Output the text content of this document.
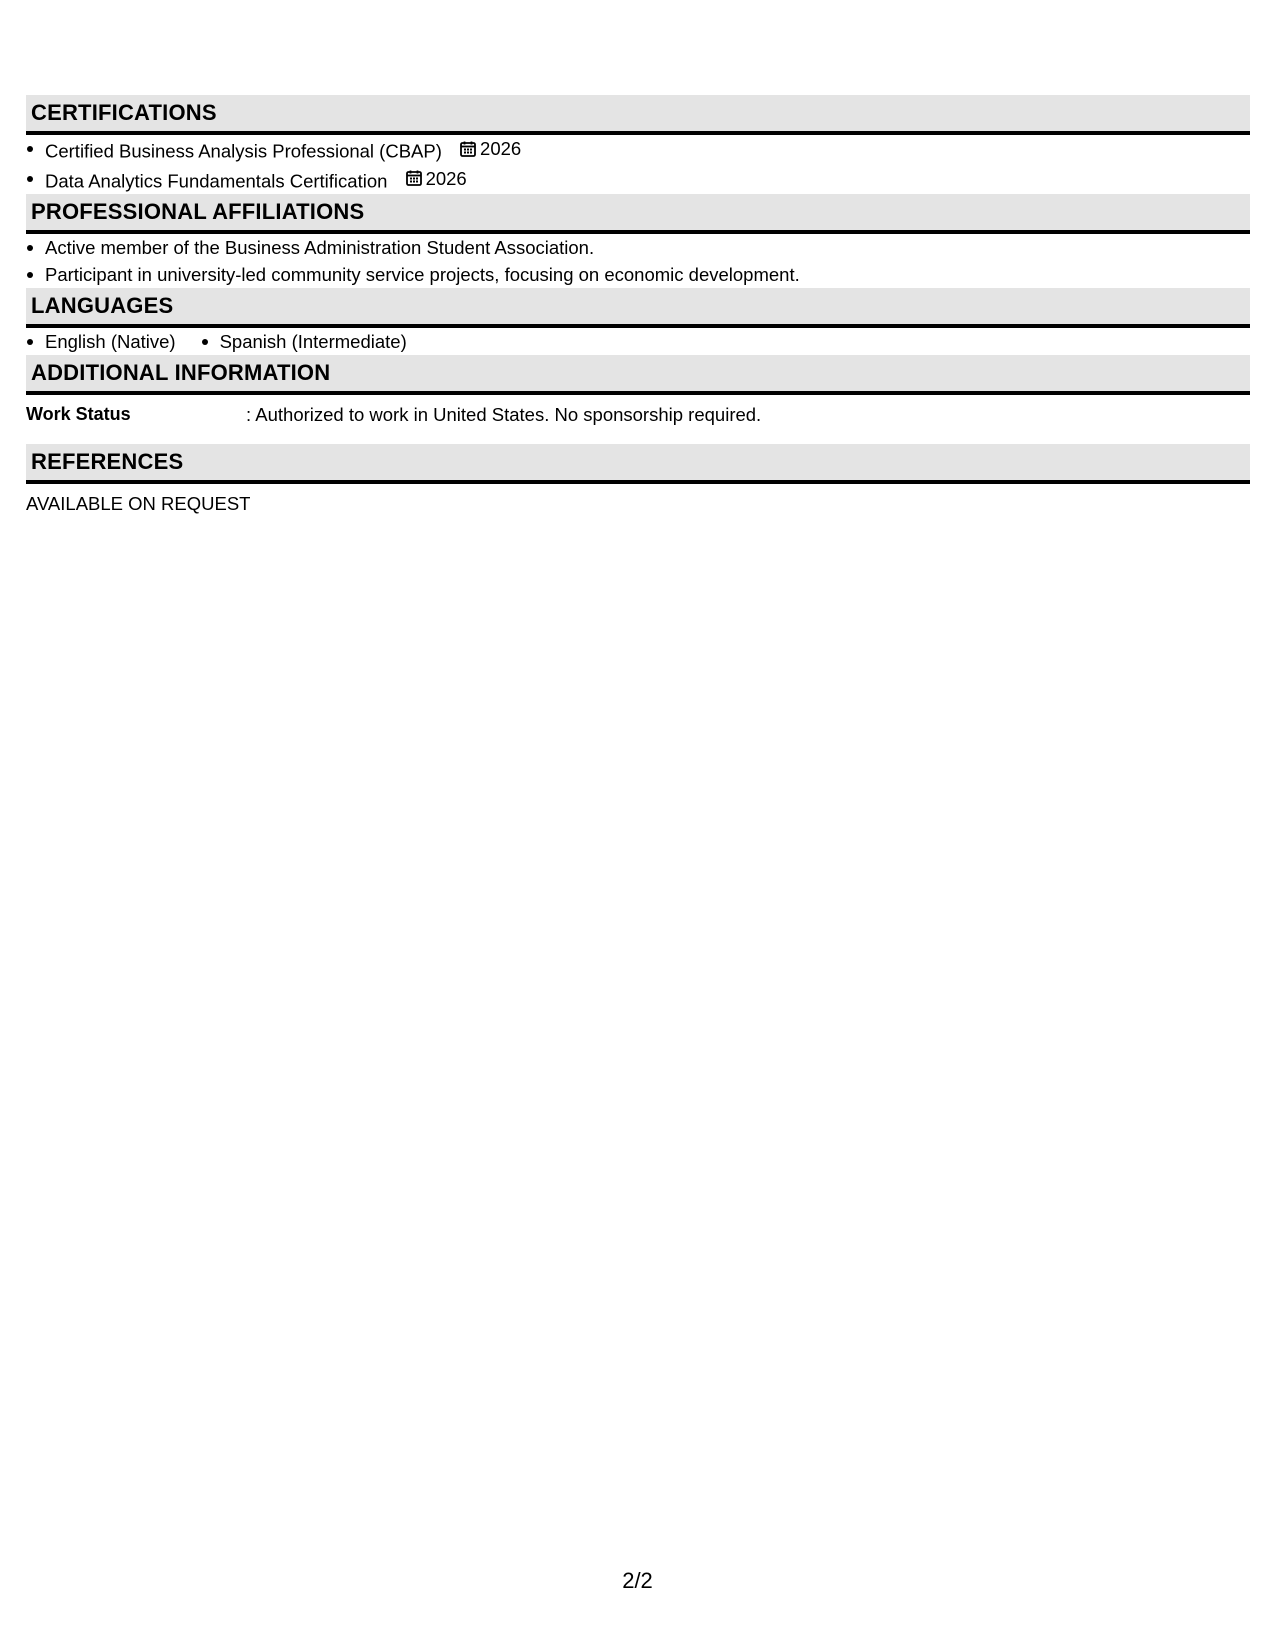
CERTIFICATIONS
Certified Business Analysis Professional (CBAP) 2026
Data Analytics Fundamentals Certification 2026
PROFESSIONAL AFFILIATIONS
Active member of the Business Administration Student Association.
Participant in university-led community service projects, focusing on economic development.
LANGUAGES
English (Native)	Spanish (Intermediate)
ADDITIONAL INFORMATION
Work Status	: Authorized to work in United States. No sponsorship required.
REFERENCES
AVAILABLE ON REQUEST
2/2
